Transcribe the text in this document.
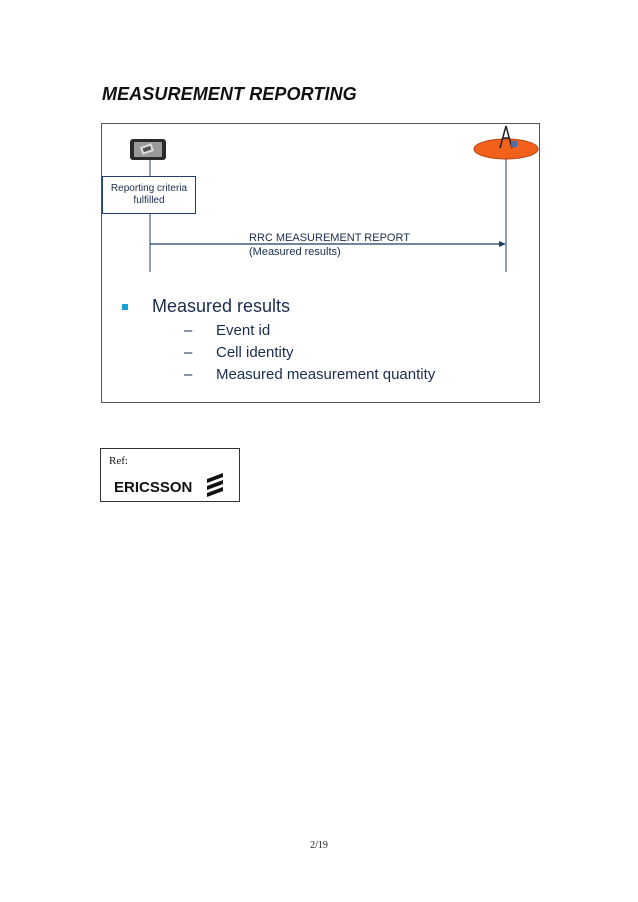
MEASUREMENT REPORTING
Reporting criteria
fulfilled
RRC MEASUREMENT REPORT
(Measured results)
Measured results
–	Event id
–	Cell identity
–	Measured measurement quantity
Ref:
ERICSSON
2/19
